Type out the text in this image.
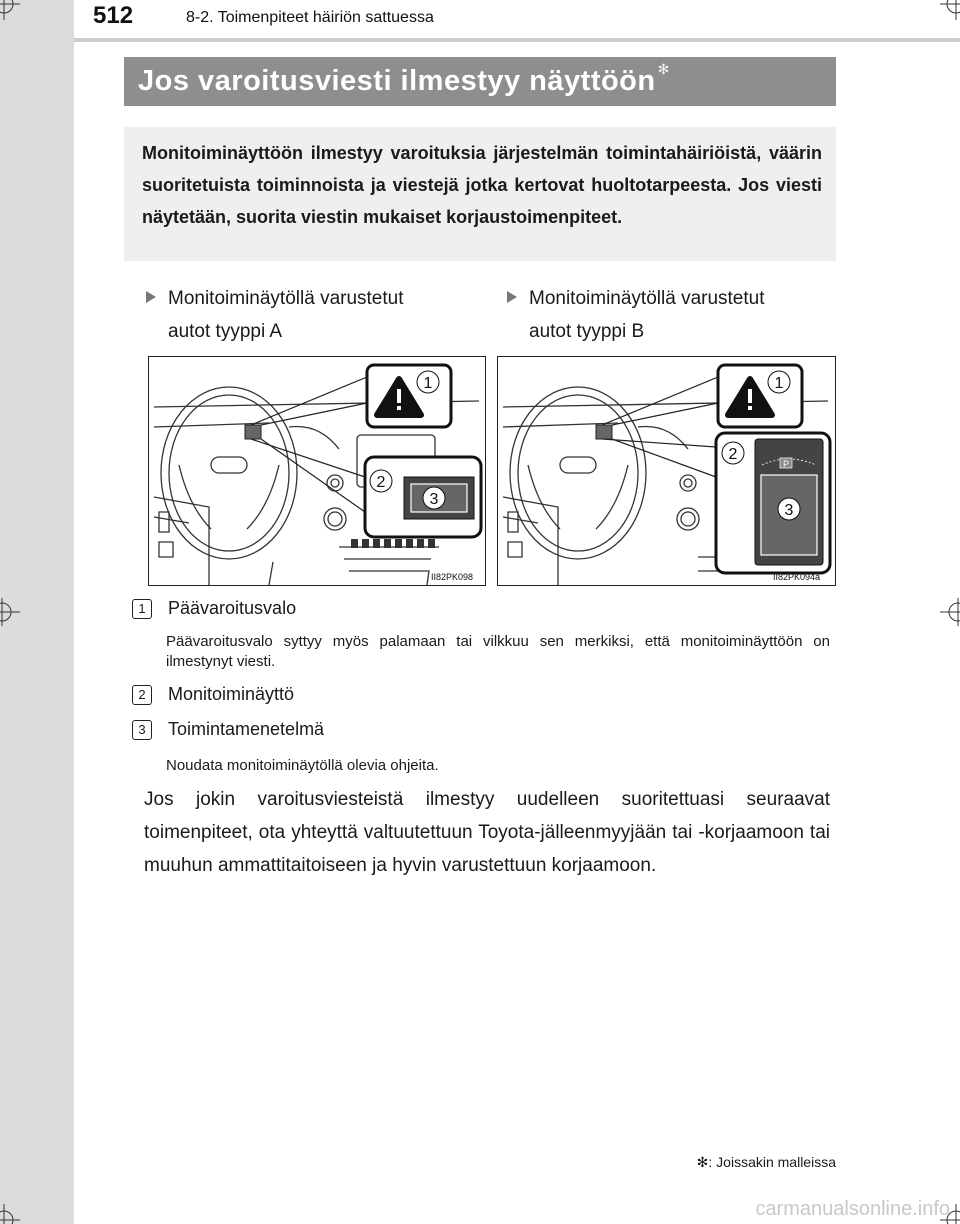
512	8-2. Toimenpiteet häiriön sattuessa
Jos varoitusviesti ilmestyy näyttöön ✻
Monitoiminäyttöön ilmestyy varoituksia järjestelmän toimintahäiriöistä, väärin suoritetuista toiminnoista ja viestejä jotka kertovat huoltotarpeesta. Jos viesti näytetään, suorita viestin mukaiset korjaustoimenpiteet.
Monitoiminäytöllä varustetut
autot tyyppi A
Monitoiminäytöllä varustetut
autot tyyppi B
1
2
3
II82PK098
1
2
P
3
II82PK094a
1	Päävaroitusvalo
Päävaroitusvalo syttyy myös palamaan tai vilkkuu sen merkiksi, että monitoiminäyttöön on ilmestynyt viesti.
2	Monitoiminäyttö
3	Toimintamenetelmä
Noudata monitoiminäytöllä olevia ohjeita.
Jos jokin varoitusviesteistä ilmestyy uudelleen suoritettuasi seuraavat toimenpiteet, ota yhteyttä valtuutettuun Toyota-jälleenmyyjään tai -korjaamoon tai muuhun ammattitaitoiseen ja hyvin varustettuun korjaamoon.
✻: Joissakin malleissa
carmanualsonline.info
